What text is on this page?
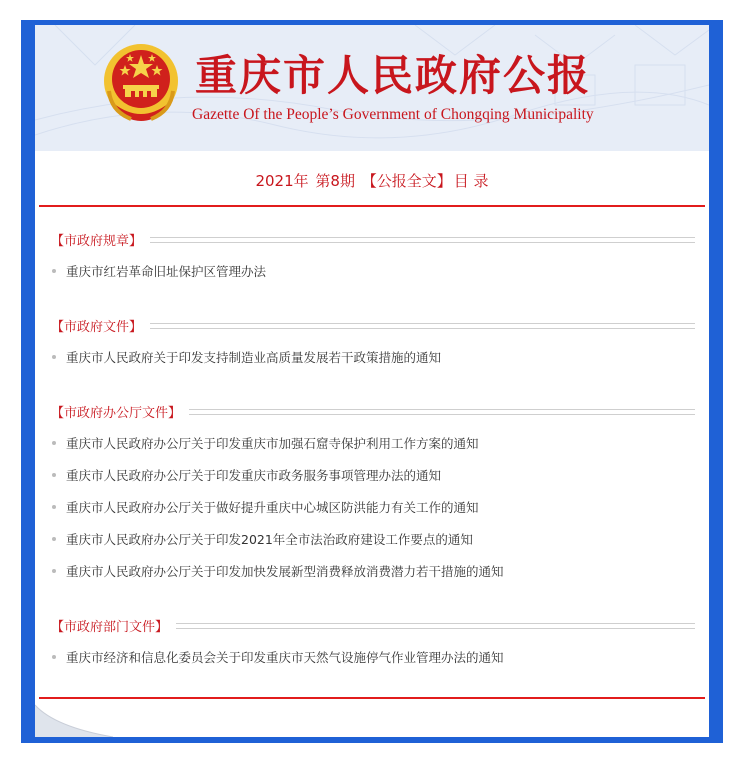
重庆市人民政府公报
Gazette Of the People’s Government of Chongqing Municipality
2021年 第8期 【公报全文】 目 录
【市政府规章】
重庆市红岩革命旧址保护区管理办法
【市政府文件】
重庆市人民政府关于印发支持制造业高质量发展若干政策措施的通知
【市政府办公厅文件】
重庆市人民政府办公厅关于印发重庆市加强石窟寺保护利用工作方案的通知
重庆市人民政府办公厅关于印发重庆市政务服务事项管理办法的通知
重庆市人民政府办公厅关于做好提升重庆中心城区防洪能力有关工作的通知
重庆市人民政府办公厅关于印发2021年全市法治政府建设工作要点的通知
重庆市人民政府办公厅关于印发加快发展新型消费释放消费潜力若干措施的通知
【市政府部门文件】
重庆市经济和信息化委员会关于印发重庆市天然气设施停气作业管理办法的通知
